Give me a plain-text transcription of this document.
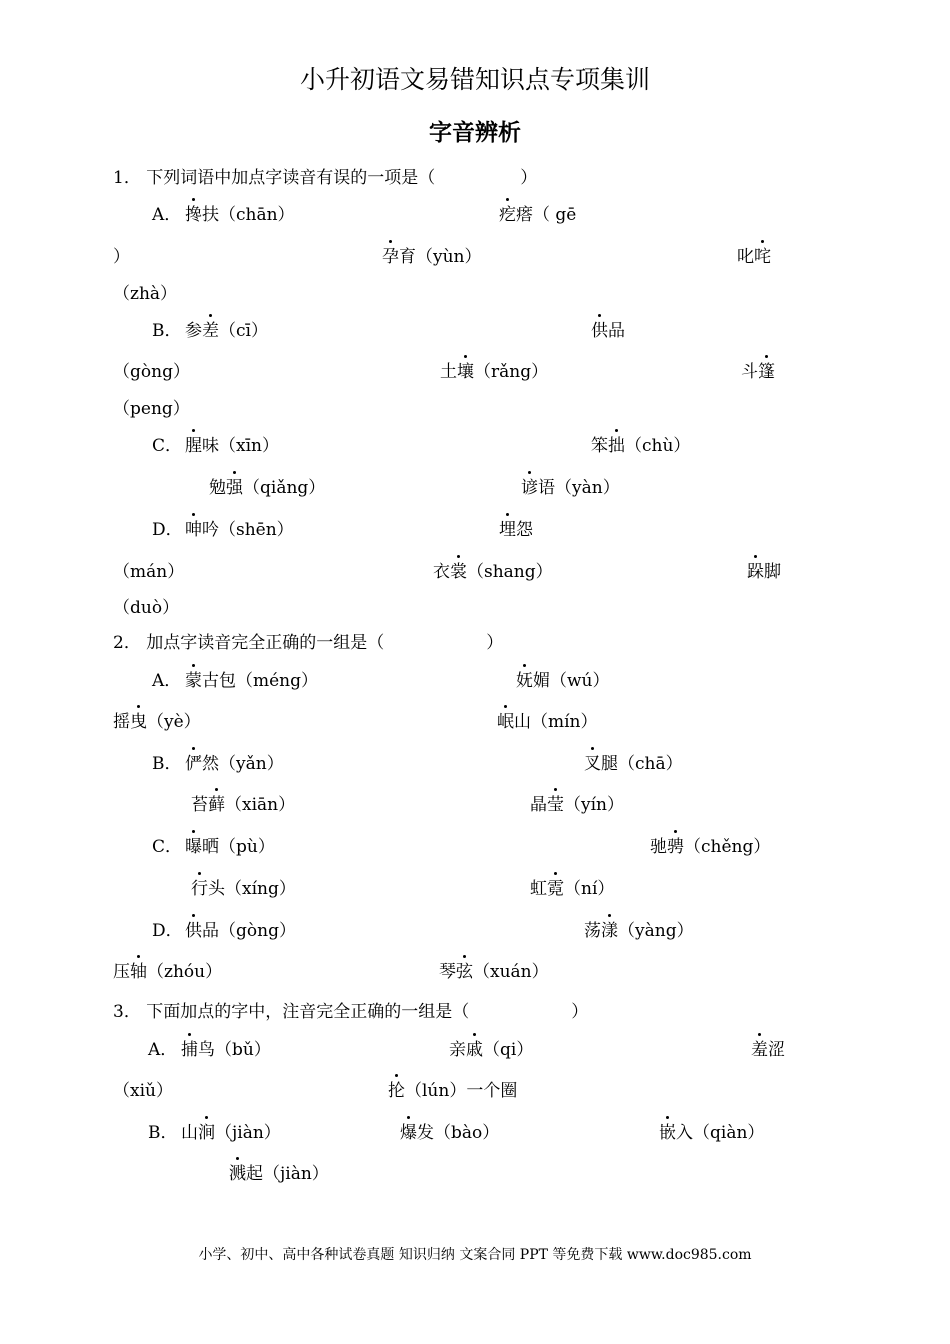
小升初语文易错知识点专项集训
字音辨析
1． 下列词语中加点字读音有误的一项是（　　　　　）
A． 搀扶（chān）	疙瘩（ gē
）	孕育（yùn）	叱咤
（zhà）
B． 参差（cī）	供品
（gòng）	土壤（rǎng）	斗篷
（peng）
C． 腥味（xīn）	笨拙（chù）
勉强（qiǎng）	谚语（yàn）
D． 呻吟（shēn）	埋怨
（mán）	衣裳（shang）	跺脚
（duò）
2． 加点字读音完全正确的一组是（　　　　　　）
A． 蒙古包（méng）	妩媚（wú）
摇曳（yè）	岷山（mín）
B． 俨然（yǎn）	叉腿（chā）
苔藓（xiān）	晶莹（yín）
C． 曝晒（pù）	驰骋（chěng）
行头（xíng）	虹霓（ní）
D． 供品（gòng）	荡漾（yàng）
压轴（zhóu）	琴弦（xuán）
3． 下面加点的字中，注音完全正确的一组是（　　　　　　）
A． 捕鸟（bǔ）	亲戚（qi）	羞涩
（xiǔ）	抡（lún）一个圈
B． 山涧（jiàn）	爆发（bào）	嵌入（qiàn）
溅起（jiàn）
小学、初中、高中各种试卷真题 知识归纳 文案合同 PPT 等免费下载 www.doc985.com
